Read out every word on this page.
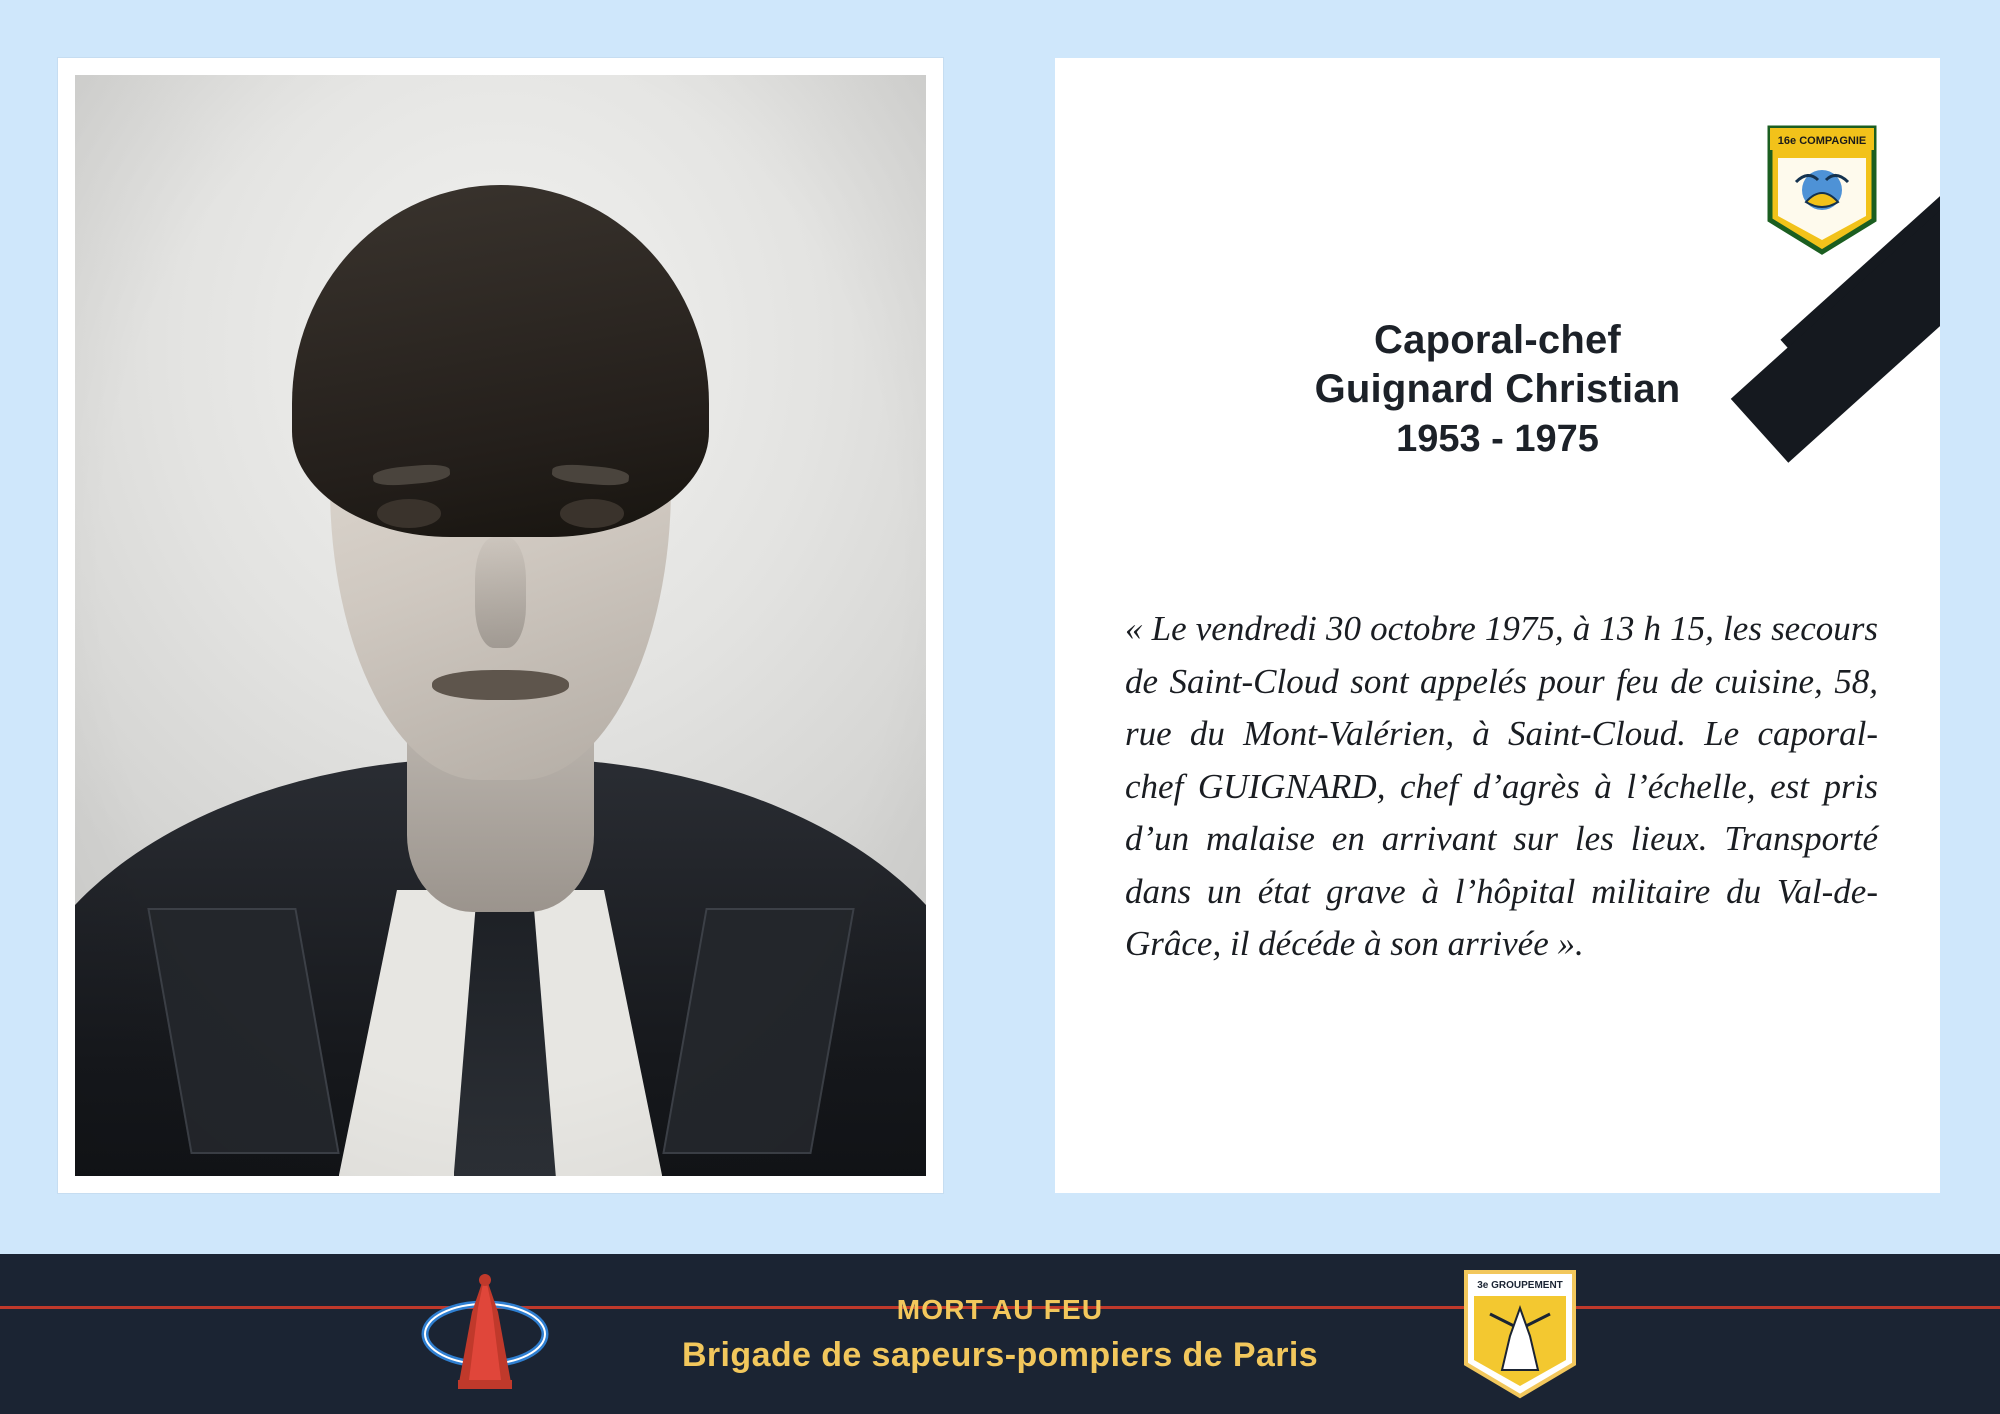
16e COMPAGNIE
Caporal-chef
Guignard Christian
1953 - 1975
« Le vendredi 30 octobre 1975, à 13 h 15, les secours de Saint-Cloud sont appelés pour feu de cuisine, 58, rue du Mont-Valérien, à Saint-Cloud. Le caporal-chef GUIGNARD, chef d’agrès à l’échelle, est pris d’un malaise en arrivant sur les lieux. Transporté dans un état grave à l’hôpital militaire du Val-de-Grâce, il décéde à son arrivée ».
MORT AU FEU
Brigade de sapeurs-pompiers de Paris
3e GROUPEMENT
